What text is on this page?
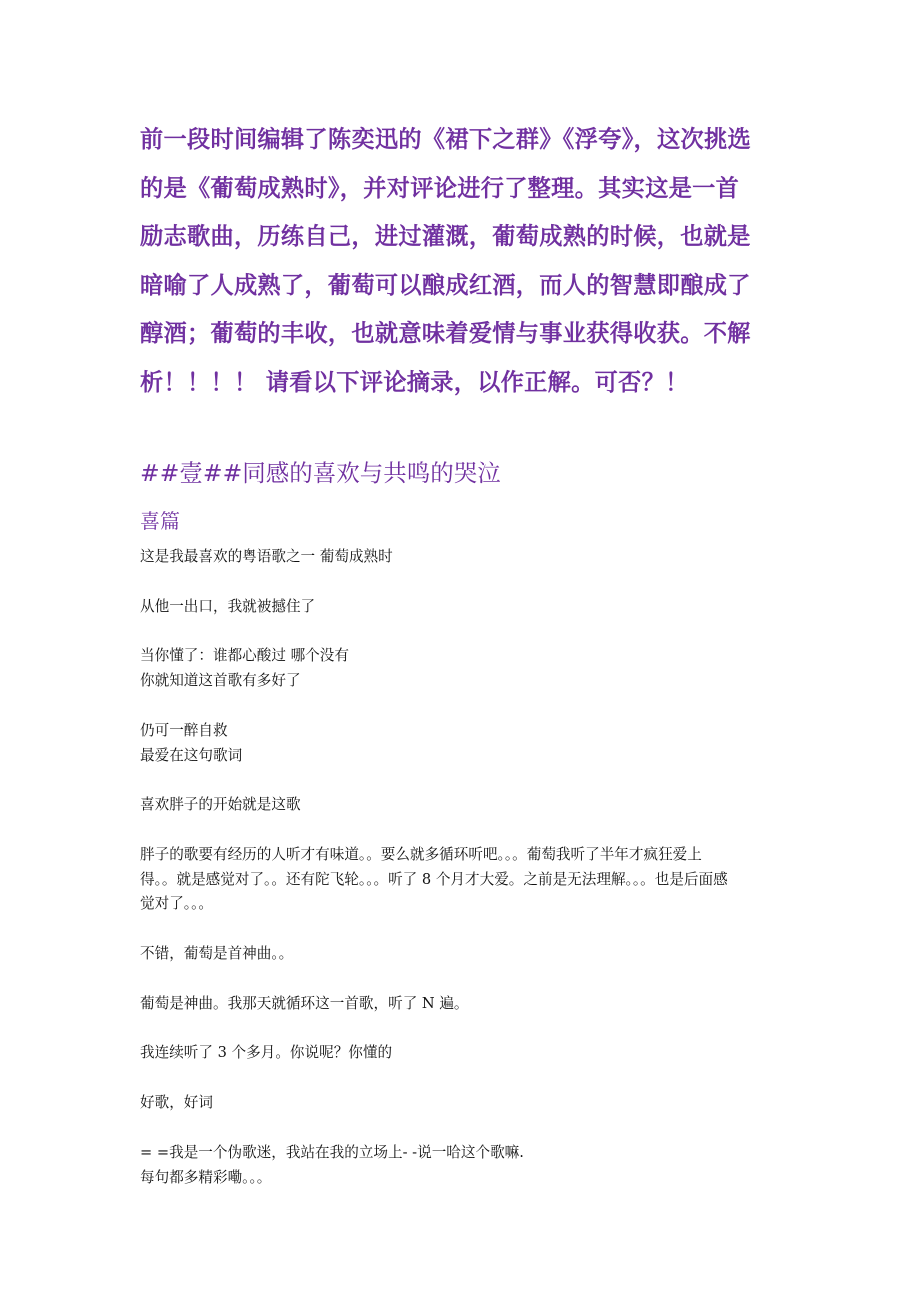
前一段时间编辑了陈奕迅的《裙下之群》《浮夸》，这次挑选
的是《葡萄成熟时》，并对评论进行了整理。其实这是一首
励志歌曲，历练自己，进过灌溉，葡萄成熟的时候，也就是
暗喻了人成熟了，葡萄可以酿成红酒，而人的智慧即酿成了
醇酒；葡萄的丰收，也就意味着爱情与事业获得收获。不解
析！！！！ 请看以下评论摘录，以作正解。可否？！
##壹##同感的喜欢与共鸣的哭泣
喜篇

这是我最喜欢的粤语歌之一 葡萄成熟时

从他一出口，我就被撼住了

当你懂了：谁都心酸过 哪个没有
你就知道这首歌有多好了

仍可一醉自救
最爱在这句歌词

喜欢胖子的开始就是这歌

胖子的歌要有经历的人听才有味道。。要么就多循环听吧。。。葡萄我听了半年才疯狂爱上
得。。就是感觉对了。。还有陀飞轮。。。听了 8 个月才大爱。之前是无法理解。。。也是后面感
觉对了。。。

不错，葡萄是首神曲。。

葡萄是神曲。我那天就循环这一首歌，听了 N 遍。

我连续听了 3 个多月。你说呢？你懂的

好歌，好词

= =我是一个伪歌迷，我站在我的立场上- -说一哈这个歌嘛.
每句都多精彩嘞。。。
